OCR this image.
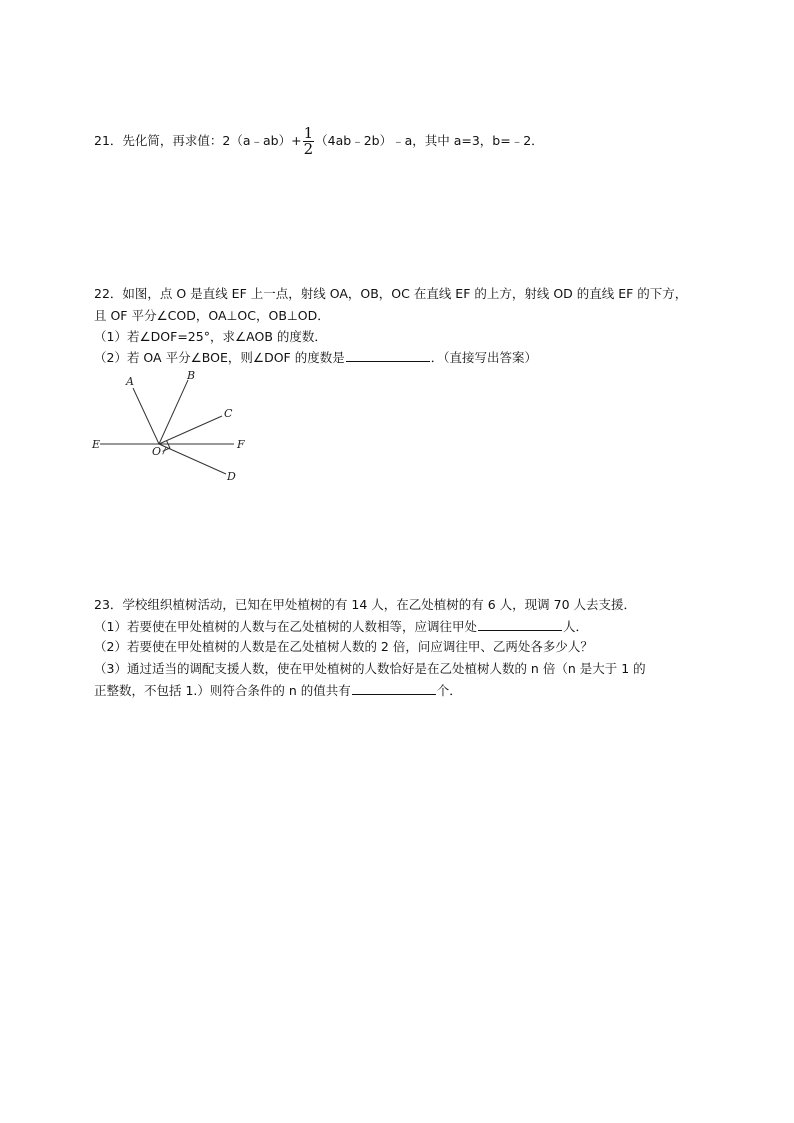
21．先化简，再求值：2（a﹣ab）+ $\frac{1}{2}$ （4ab﹣2b）﹣a，其中 a=3，b=﹣2．
22．如图，点 O 是直线 EF 上一点，射线 OA，OB，OC 在直线 EF 的上方，射线 OD 的直线 EF 的下方，
且 OF 平分∠COD，OA⊥OC，OB⊥OD．
（1）若∠DOF=25°，求∠AOB 的度数．
（2）若 OA 平分∠BOE，则∠DOF 的度数是	．（直接写出答案）
A	B
C
D
E	F
O
23．学校组织植树活动，已知在甲处植树的有 14 人，在乙处植树的有 6 人，现调 70 人去支援．
（1）若要使在甲处植树的人数与在乙处植树的人数相等，应调往甲处	人．
（2）若要使在甲处植树的人数是在乙处植树人数的 2 倍，问应调往甲、乙两处各多少人？
（3）通过适当的调配支援人数，使在甲处植树的人数恰好是在乙处植树人数的 n 倍（n 是大于 1 的
正整数，不包括 1.）则符合条件的 n 的值共有	个．
